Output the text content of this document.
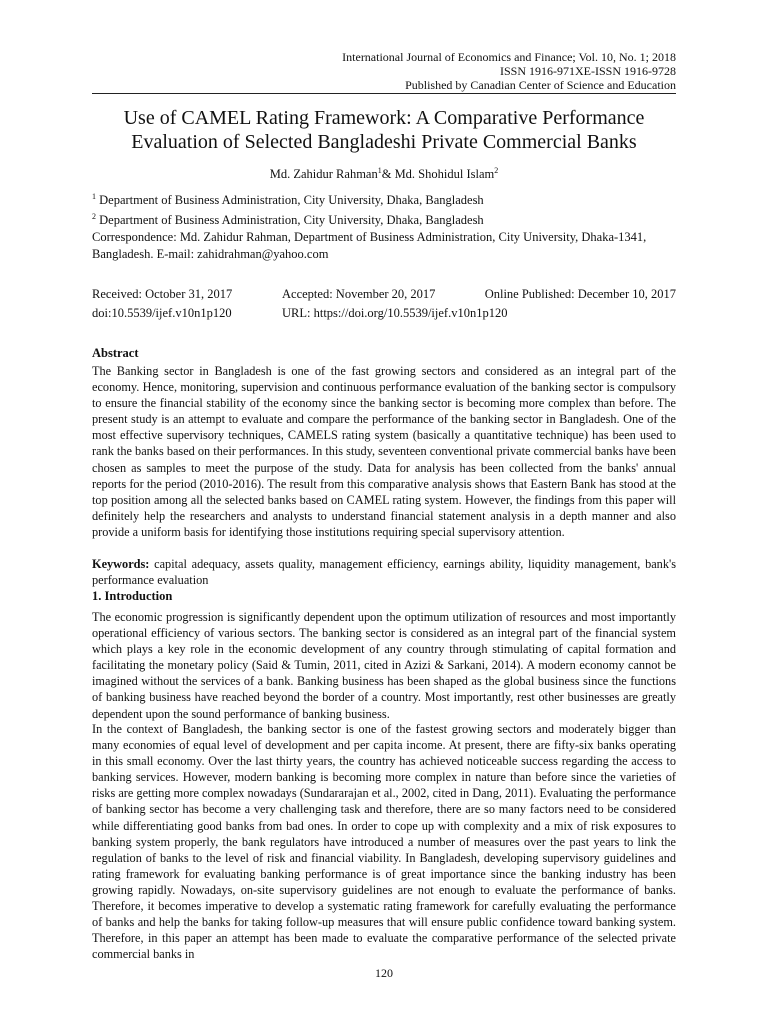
International Journal of Economics and Finance; Vol. 10, No. 1; 2018
ISSN 1916-971XE-ISSN 1916-9728
Published by Canadian Center of Science and Education
Use of CAMEL Rating Framework: A Comparative Performance
Evaluation of Selected Bangladeshi Private Commercial Banks
Md. Zahidur Rahman$^1$& Md. Shohidul Islam$^2$
$^1$ Department of Business Administration, City University, Dhaka, Bangladesh
$^2$ Department of Business Administration, City University, Dhaka, Bangladesh
Correspondence: Md. Zahidur Rahman, Department of Business Administration, City University, Dhaka-1341, Bangladesh. E-mail: zahidrahman@yahoo.com
Received: October 31, 2017	Accepted: November 20, 2017	Online Published: December 10, 2017
doi:10.5539/ijef.v10n1p120	URL: https://doi.org/10.5539/ijef.v10n1p120
Abstract
The Banking sector in Bangladesh is one of the fast growing sectors and considered as an integral part of the economy. Hence, monitoring, supervision and continuous performance evaluation of the banking sector is compulsory to ensure the financial stability of the economy since the banking sector is becoming more complex than before. The present study is an attempt to evaluate and compare the performance of the banking sector in Bangladesh. One of the most effective supervisory techniques, CAMELS rating system (basically a quantitative technique) has been used to rank the banks based on their performances. In this study, seventeen conventional private commercial banks have been chosen as samples to meet the purpose of the study. Data for analysis has been collected from the banks' annual reports for the period (2010-2016). The result from this comparative analysis shows that Eastern Bank has stood at the top position among all the selected banks based on CAMEL rating system. However, the findings from this paper will definitely help the researchers and analysts to understand financial statement analysis in a depth manner and also provide a uniform basis for identifying those institutions requiring special supervisory attention.
Keywords: capital adequacy, assets quality, management efficiency, earnings ability, liquidity management, bank's performance evaluation
1. Introduction
The economic progression is significantly dependent upon the optimum utilization of resources and most importantly operational efficiency of various sectors. The banking sector is considered as an integral part of the financial system which plays a key role in the economic development of any country through stimulating of capital formation and facilitating the monetary policy (Said & Tumin, 2011, cited in Azizi & Sarkani, 2014). A modern economy cannot be imagined without the services of a bank. Banking business has been shaped as the global business since the functions of banking business have reached beyond the border of a country. Most importantly, rest other businesses are greatly dependent upon the sound performance of banking business.
In the context of Bangladesh, the banking sector is one of the fastest growing sectors and moderately bigger than many economies of equal level of development and per capita income. At present, there are fifty-six banks operating in this small economy. Over the last thirty years, the country has achieved noticeable success regarding the access to banking services. However, modern banking is becoming more complex in nature than before since the varieties of risks are getting more complex nowadays (Sundararajan et al., 2002, cited in Dang, 2011). Evaluating the performance of banking sector has become a very challenging task and therefore, there are so many factors need to be considered while differentiating good banks from bad ones. In order to cope up with complexity and a mix of risk exposures to banking system properly, the bank regulators have introduced a number of measures over the past years to link the regulation of banks to the level of risk and financial viability. In Bangladesh, developing supervisory guidelines and rating framework for evaluating banking performance is of great importance since the banking industry has been growing rapidly. Nowadays, on-site supervisory guidelines are not enough to evaluate the performance of banks. Therefore, it becomes imperative to develop a systematic rating framework for carefully evaluating the performance of banks and help the banks for taking follow-up measures that will ensure public confidence toward banking system. Therefore, in this paper an attempt has been made to evaluate the comparative performance of the selected private commercial banks in
120
